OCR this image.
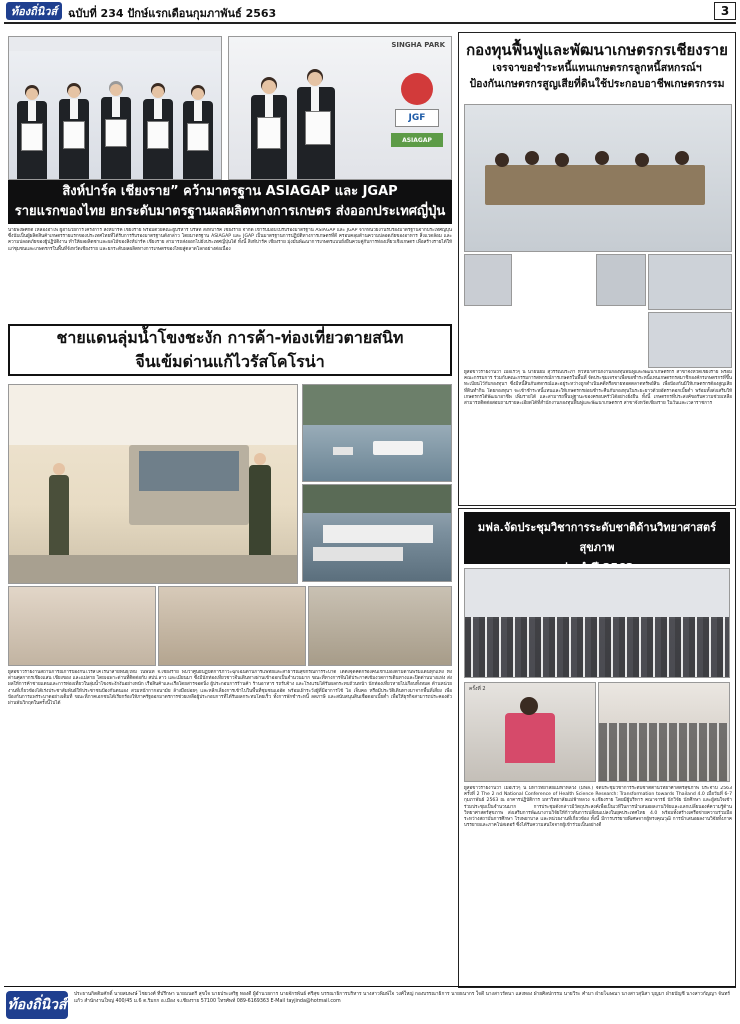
ท้องถิ่นิวส์ ฉบับที่ 234 ปักษ์แรกเดือนกุมภาพันธ์ 2563	3
SINGHA PARK
ASIAGAP
JGF
สิงห์ปาร์ค เชียงราย” คว้ามาตรฐาน ASIAGAP และ JGAP
รายแรกของไทย ยกระดับมาตรฐานผลผลิตทางการเกษตร ส่งออกประเทศญี่ปุ่น
นายพงษ์ศักดิ์ เหลืองอำไพ ผู้อำนวยการโครงการ สิงห์ปาร์ค เชียงราย พร้อมด้วยคณะผู้บริหาร บริษัท สิงห์ปาร์ค เชียงราย จำกัด เข้ารับมอบใบรับรองมาตรฐาน ASIAGAP และ JGAP จากหน่วยงานรับรองมาตรฐานจากประเทศญี่ปุ่น ซึ่งนับเป็นผู้ผลิตสินค้าเกษตรรายแรกของประเทศไทยที่ได้รับการรับรองมาตรฐานดังกล่าว โดยมาตรฐาน ASIAGAP และ JGAP เป็นมาตรฐานการปฏิบัติทางการเกษตรที่ดี ครอบคลุมด้านความปลอดภัยของอาหาร สิ่งแวดล้อม และความปลอดภัยของผู้ปฏิบัติงาน ทำให้ผลผลิตชาและผลไม้ของสิงห์ปาร์ค เชียงราย สามารถส่งออกไปยังประเทศญี่ปุ่นได้ ทั้งนี้ สิงห์ปาร์ค เชียงราย มุ่งมั่นพัฒนาการเกษตรแบบยั่งยืนควบคู่กับการท่องเที่ยวเชิงเกษตร เพื่อสร้างรายได้ให้แก่ชุมชนและเกษตรกรในพื้นที่จังหวัดเชียงราย และยกระดับผลผลิตทางการเกษตรของไทยสู่ตลาดโลกอย่างต่อเนื่อง
กองทุนฟื้นฟูและพัฒนาเกษตรกรเชียงราย
เจรจาขอชำระหนี้แทนเกษตรกรลูกหนี้สหกรณ์ฯ
ป้องกันเกษตรกรสูญเสียที่ดินใช้ประกอบอาชีพเกษตรกรรม
ผู้สื่อข่าวรายงานว่า เมื่อเร็วๆ นี้ นายนิยม สุวรรณประภา หัวหน้าสำนักงานกองทุนฟื้นฟูและพัฒนาเกษตรกร สาขาจังหวัดเชียงราย พร้อมคณะกรรมการ ร่วมกับคณะกรรมการสหกรณ์การเกษตรในพื้นที่ จัดประชุมเจรจาเพื่อขอชำระหนี้แทนเกษตรกรสมาชิกองค์กรเกษตรกรที่ขึ้นทะเบียนไว้กับกองทุนฯ ซึ่งมีหนี้สินกับสหกรณ์และอยู่ระหว่างถูกดำเนินคดีหรือขายทอดตลาดทรัพย์สิน เพื่อป้องกันมิให้เกษตรกรต้องสูญเสียที่ดินทำกิน โดยกองทุนฯ จะเข้าชำระหนี้แทนและให้เกษตรกรผ่อนชำระคืนกับกองทุนในระยะยาวด้วยอัตราดอกเบี้ยต่ำ พร้อมทั้งส่งเสริมให้เกษตรกรได้พัฒนาอาชีพ เพิ่มรายได้ และสามารถฟื้นฟูฐานะของครอบครัวได้อย่างยั่งยืน ทั้งนี้ เกษตรกรที่ประสงค์ขอรับความช่วยเหลือสามารถติดต่อสอบถามรายละเอียดได้ที่สำนักงานกองทุนฟื้นฟูและพัฒนาเกษตรกร สาขาจังหวัดเชียงราย ในวันและเวลาราชการ
ชายแดนลุ่มน้ำโขงชะงัก การค้า-ท่องเที่ยวตายสนิท
จีนเข้มด่านแก้ไวรัสโคโรน่า
ผู้สื่อข่าวรายงานสถานการณ์การป้องกันไวรัสโคโรน่าสายพันธุ์ใหม่ ในพื้นที่ จ.เชียงราย พบว่าศูนย์ปฏิบัติการภาวะฉุกเฉินด้านการแพทย์และสาธารณสุขกรณีการระบาด ได้ตั้งจุดคัดกรองคนเข้าเมืองตามด่านพรมแดนทุกแห่ง ทั้งด่านศุลกากรเชียงแสน เชียงของ และแม่สาย โดยเฉพาะด่านที่ติดต่อกับ สปป.ลาว และเมียนมา ซึ่งมีนักท่องเที่ยวชาวจีนเดินทางผ่านเข้าออกเป็นจำนวนมาก ขณะที่ทางการจีนได้ประกาศเข้มงวดการเดินทางและปิดด่านบางแห่ง ส่งผลให้การค้าชายแดนและการท่องเที่ยวในลุ่มน้ำโขงชะงักงันอย่างหนัก เรือสินค้าและเรือโดยสารจอดนิ่ง ผู้ประกอบการร้านค้า ร้านอาหาร รถรับจ้าง และโรงแรมได้รับผลกระทบถ้วนหน้า นักท่องเที่ยวหายไปเกือบทั้งหมด ด้านหน่วยงานที่เกี่ยวข้องได้เร่งประชาสัมพันธ์ให้ประชาชนป้องกันตนเอง สวมหน้ากากอนามัย ล้างมือบ่อยๆ และหลีกเลี่ยงการเข้าไปในพื้นที่ชุมชนแออัด พร้อมเฝ้าระวังผู้ที่มีอาการไข้ ไอ เจ็บคอ หรือมีประวัติเดินทางมาจากพื้นที่เสี่ยง เพื่อป้องกันการแพร่ระบาดอย่างเต็มที่ ขณะที่ภาคเอกชนได้เรียกร้องให้ภาครัฐออกมาตรการช่วยเหลือผู้ประกอบการที่ได้รับผลกระทบโดยเร็ว ทั้งการพักชำระหนี้ ลดภาษี และสนับสนุนสินเชื่อดอกเบี้ยต่ำ เพื่อให้ธุรกิจสามารถประคองตัวผ่านพ้นวิกฤตในครั้งนี้ไปได้
มฟล.จัดประชุมวิชาการระดับชาติด้านวิทยาศาสตร์สุขภาพ
ครั้งที่ 2
ผู้สื่อข่าวรายงานว่า เมื่อเร็วๆ นี้ มหาวิทยาลัยแม่ฟ้าหลวง (มฟล.) จัดประชุมวิชาการระดับชาติด้านวิทยาศาสตร์สุขภาพ ประจำปี 2563 ครั้งที่ 2 The 2 nd National Conference of Health Science Research: Transformation towards Thailand 4.0 เมื่อวันที่ 6-7 กุมภาพันธ์ 2563 ณ อาคารปฏิบัติการ มหาวิทยาลัยแม่ฟ้าหลวง จ.เชียงราย โดยมีผู้บริหาร คณาจารย์ นักวิจัย นักศึกษา และผู้สนใจเข้าร่วมประชุมเป็นจำนวนมาก การประชุมดังกล่าวมีวัตถุประสงค์เพื่อเป็นเวทีในการนำเสนอผลงานวิจัยและแลกเปลี่ยนองค์ความรู้ด้านวิทยาศาสตร์สุขภาพ ส่งเสริมการพัฒนางานวิจัยให้ก้าวทันการเปลี่ยนแปลงในยุคประเทศไทย 4.0 พร้อมทั้งสร้างเครือข่ายความร่วมมือระหว่างสถาบันการศึกษา โรงพยาบาล และหน่วยงานที่เกี่ยวข้อง ทั้งนี้ มีการบรรยายพิเศษจากผู้ทรงคุณวุฒิ การนำเสนอผลงานวิจัยทั้งภาคบรรยายและภาคโปสเตอร์ ซึ่งได้รับความสนใจจากผู้เข้าร่วมเป็นอย่างดี
ท้องถิ่นิวส์
ประธานกิตติมศักดิ์ นายสมพงษ์ ไชยวงศ์ ที่ปรึกษา นายมนตรี สุขใจ นายประเสริฐ ทองดี ผู้อำนวยการ นายจักรพันธ์ ศรีสุข บรรณาธิการบริหาร นางสาวพิมพ์ใจ วงศ์ใหญ่ กองบรรณาธิการ นายธนากร ใจดี นางสาวรัตนา แสงทอง ฝ่ายศิลปกรรม นายวีระ คำมา ฝ่ายโฆษณา นางสาวสุนิสา บุญมา ฝ่ายบัญชี นางสาวกัญญา จันทร์แก้ว สำนักงานใหญ่ 400/45 ม.6 ต.ริมกก อ.เมือง จ.เชียงราย 57100 โทรศัพท์ 089-6169363 E-Mail tayjinda@hotmail.com
